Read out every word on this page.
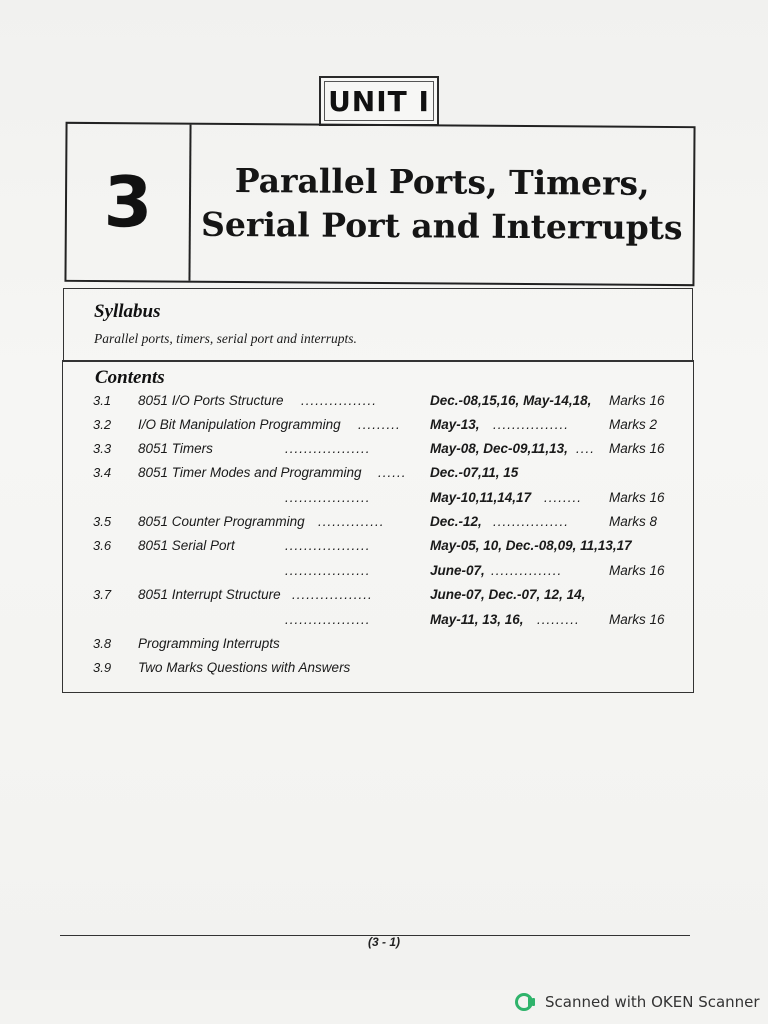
UNIT I
3	Parallel Ports, Timers,
Serial Port and Interrupts
Syllabus
Parallel ports, timers, serial port and interrupts.
Contents
3.1 8051 I/O Ports Structure ................	Dec.-08,15,16, May-14,18, Marks 16
3.2 I/O Bit Manipulation Programming ......... May-13, ................	Marks 2
3.3 8051 Timers	..................	May-08, Dec-09,11,13, .... Marks 16
3.4 8051 Timer Modes and Programming ...... Dec.-07,11, 15
..................	May-10,11,14,17 ........ Marks 16
3.5 8051 Counter Programming ..............	Dec.-12, ................	Marks 8
3.6 8051 Serial Port	..................	May-05, 10, Dec.-08,09, 11,13,17
..................	June-07, ...............	Marks 16
3.7 8051 Interrupt Structure .................	June-07, Dec.-07, 12, 14,
..................	May-11, 13, 16, ......... Marks 16
3.8 Programming Interrupts
3.9 Two Marks Questions with Answers
(3 - 1)
Scanned with OKEN Scanner
